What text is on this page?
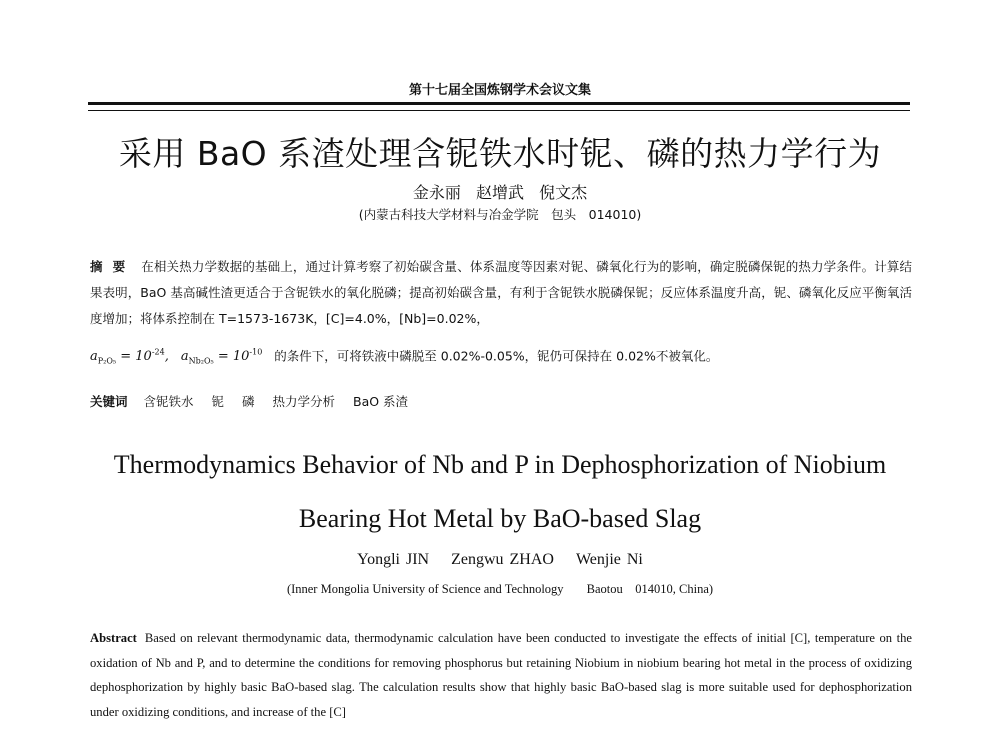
第十七届全国炼钢学术会议文集
采用 BaO 系渣处理含铌铁水时铌、磷的热力学行为
金永丽 赵增武 倪文杰
(内蒙古科技大学材料与冶金学院　包头　014010)
摘要 在相关热力学数据的基础上，通过计算考察了初始碳含量、体系温度等因素对铌、磷氧化行为的影响，确定脱磷保铌的热力学条件。计算结果表明，BaO 基高碱性渣更适合于含铌铁水的氧化脱磷；提高初始碳含量，有利于含铌铁水脱磷保铌；反应体系温度升高，铌、磷氧化反应平衡氧活度增加；将体系控制在 T=1573-1673K，[C]=4.0%，[Nb]=0.02%，
$a_{P_2O_5} = 10^{-24}$, $a_{Nb_2O_5} = 10^{-10}$ 的条件下，可将铁液中磷脱至 0.02%-0.05%，铌仍可保持在 0.02%不被氧化。
关键词 含铌铁水 铌 磷 热力学分析 BaO 系渣
Thermodynamics Behavior of Nb and P in Dephosphorization of Niobium
Bearing Hot Metal by BaO-based Slag
Yongli JIN Zengwu ZHAO Wenjie Ni
(Inner Mongolia University of Science and Technology Baotou　014010, China)
Abstract Based on relevant thermodynamic data, thermodynamic calculation have been conducted to investigate the effects of initial [C], temperature on the oxidation of Nb and P, and to determine the conditions for removing phosphorus but retaining Niobium in niobium bearing hot metal in the process of oxidizing dephosphorization by highly basic BaO-based slag. The calculation results show that highly basic BaO-based slag is more suitable used for dephosphorization under oxidizing conditions, and increase of the [C]
